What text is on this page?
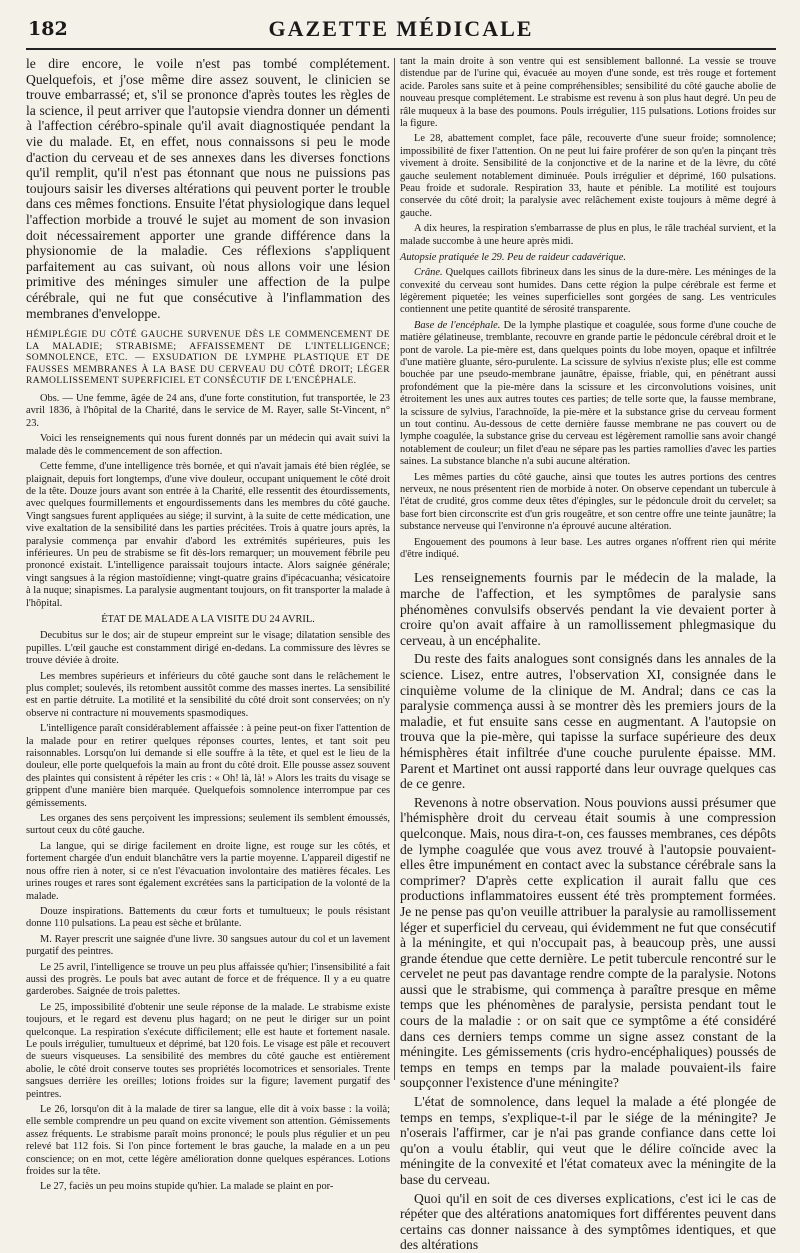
182	GAZETTE MÉDICALE

le dire encore, le voile n'est pas tombé complétement. Quelquefois, et j'ose même dire assez souvent, le clinicien se trouve embarrassé; et, s'il se prononce d'après toutes les règles de la science, il peut arriver que l'autopsie viendra donner un démenti à l'affection cérébro-spinale qu'il avait diagnostiquée pendant la vie du malade. Et, en effet, nous connaissons si peu le mode d'action du cerveau et de ses annexes dans les diverses fonctions qu'il remplit, qu'il n'est pas étonnant que nous ne puissions pas toujours saisir les diverses altérations qui peuvent porter le trouble dans ces mêmes fonctions. Ensuite l'état physiologique dans lequel l'affection morbide a trouvé le sujet au moment de son invasion doit nécessairement apporter une grande différence dans la physionomie de la maladie. Ces réflexions s'appliquent parfaitement au cas suivant, où nous allons voir une lésion primitive des méninges simuler une affection de la pulpe cérébrale, qui ne fut que consécutive à l'inflammation des membranes d'enveloppe.

HÉMIPLÉGIE DU CÔTÉ GAUCHE SURVENUE DÈS LE COMMENCEMENT DE LA MALADIE; STRABISME; AFFAISSEMENT DE L'INTELLIGENCE; SOMNOLENCE, ETC. — EXSUDATION DE LYMPHE PLASTIQUE ET DE FAUSSES MEMBRANES À LA BASE DU CERVEAU DU CÔTÉ DROIT; LÉGER RAMOLLISSEMENT SUPERFICIEL ET CONSÉCUTIF DE L'ENCÉPHALE.

Obs. — Une femme, âgée de 24 ans, d'une forte constitution, fut transportée, le 23 avril 1836, à l'hôpital de la Charité, dans le service de M. Rayer, salle St-Vincent, n° 23.

Voici les renseignements qui nous furent donnés par un médecin qui avait suivi la malade dès le commencement de son affection.

Cette femme, d'une intelligence très bornée, et qui n'avait jamais été bien réglée, se plaignait, depuis fort longtemps, d'une vive douleur, occupant uniquement le côté droit de la tête. Douze jours avant son entrée à la Charité, elle ressentit des étourdissements, avec quelques fourmillements et engourdissements dans les membres du côté gauche. Vingt sangsues furent appliquées au siége; il survint, à la suite de cette médication, une vive exaltation de la sensibilité dans les parties précitées. Trois à quatre jours après, la paralysie commença par envahir d'abord les extrémités supérieures, puis les inférieures. Un peu de strabisme se fit dès-lors remarquer; un mouvement fébrile peu prononcé existait. L'intelligence paraissait toujours intacte. Alors saignée générale; vingt sangsues à la région mastoïdienne; vingt-quatre grains d'ipécacuanha; vésicatoire à la nuque; sinapismes. La paralysie augmentant toujours, on fit transporter la malade à l'hôpital.

ÉTAT DE MALADE A LA VISITE DU 24 AVRIL.

Decubitus sur le dos; air de stupeur empreint sur le visage; dilatation sensible des pupilles. L'œil gauche est constamment dirigé en-dedans. La commissure des lèvres se trouve déviée à droite.

Les membres supérieurs et inférieurs du côté gauche sont dans le relâchement le plus complet; soulevés, ils retombent aussitôt comme des masses inertes. La sensibilité est en partie détruite. La motilité et la sensibilité du côté droit sont conservées; on n'y observe ni contracture ni mouvements spasmodiques.

L'intelligence paraît considérablement affaissée : à peine peut-on fixer l'attention de la malade pour en retirer quelques réponses courtes, lentes, et tant soit peu raisonnables. Lorsqu'on lui demande si elle souffre à la tête, et quel est le lieu de la douleur, elle porte quelquefois la main au front du côté droit. Elle pousse assez souvent des plaintes qui consistent à répéter les cris : « Oh! là, là! » Alors les traits du visage se grippent d'une manière bien marquée. Quelquefois somnolence interrompue par ces gémissements.

Les organes des sens perçoivent les impressions; seulement ils semblent émoussés, surtout ceux du côté gauche.

La langue, qui se dirige facilement en droite ligne, est rouge sur les côtés, et fortement chargée d'un enduit blanchâtre vers la partie moyenne. L'appareil digestif ne nous offre rien à noter, si ce n'est l'évacuation involontaire des matières fécales. Les urines rouges et rares sont également excrétées sans la participation de la volonté de la malade.

Douze inspirations. Battements du cœur forts et tumultueux; le pouls résistant donne 110 pulsations. La peau est sèche et brûlante.

M. Rayer prescrit une saignée d'une livre. 30 sangsues autour du col et un lavement purgatif des peintres.

Le 25 avril, l'intelligence se trouve un peu plus affaissée qu'hier; l'insensibilité a fait aussi des progrès. Le pouls bat avec autant de force et de fréquence. Il y a eu quatre garderobes. Saignée de trois palettes.

Le 25, impossibilité d'obtenir une seule réponse de la malade. Le strabisme existe toujours, et le regard est devenu plus hagard; on ne peut le diriger sur un point quelconque. La respiration s'exécute difficilement; elle est haute et fortement nasale. Le pouls irrégulier, tumultueux et déprimé, bat 120 fois. Le visage est pâle et recouvert de sueurs visqueuses. La sensibilité des membres du côté gauche est entièrement abolie, le côté droit conserve toutes ses propriétés locomotrices et sensoriales. Trente sangsues derrière les oreilles; lotions froides sur la figure; lavement purgatif des peintres.

Le 26, lorsqu'on dit à la malade de tirer sa langue, elle dit à voix basse : la voilà; elle semble comprendre un peu quand on excite vivement son attention. Gémissements assez fréquents. Le strabisme paraît moins prononcé; le pouls plus régulier et un peu relevé bat 112 fois. Si l'on pince fortement le bras gauche, la malade en a un peu conscience; on en mot, cette légère amélioration donne quelques espérances. Lotions froides sur la tête.

Le 27, faciès un peu moins stupide qu'hier. La malade se plaint en por-

tant la main droite à son ventre qui est sensiblement ballonné. La vessie se trouve distendue par de l'urine qui, évacuée au moyen d'une sonde, est très rouge et fortement acide. Paroles sans suite et à peine compréhensibles; sensibilité du côté gauche abolie de nouveau presque complétement. Le strabisme est revenu à son plus haut degré. Un peu de râle muqueux à la base des poumons. Pouls irrégulier, 115 pulsations. Lotions froides sur la figure.

Le 28, abattement complet, face pâle, recouverte d'une sueur froide; somnolence; impossibilité de fixer l'attention. On ne peut lui faire proférer de son qu'en la pinçant très vivement à droite. Sensibilité de la conjonctive et de la narine et de la lèvre, du côté gauche seulement notablement diminuée. Pouls irrégulier et déprimé, 160 pulsations. Peau froide et sudorale. Respiration 33, haute et pénible. La motilité est toujours conservée du côté droit; la paralysie avec relâchement existe toujours à même degré à gauche.

A dix heures, la respiration s'embarrasse de plus en plus, le râle trachéal survient, et la malade succombe à une heure après midi.

Autopsie pratiquée le 29. Peu de raideur cadavérique.

Crâne. Quelques caillots fibrineux dans les sinus de la dure-mère. Les méninges de la convexité du cerveau sont humides. Dans cette région la pulpe cérébrale est ferme et légèrement piquetée; les veines superficielles sont gorgées de sang. Les ventricules contiennent une petite quantité de sérosité transparente.

Base de l'encéphale. De la lymphe plastique et coagulée, sous forme d'une couche de matière gélatineuse, tremblante, recouvre en grande partie le pédoncule cérébral droit et le pont de varole. La pie-mère est, dans quelques points du lobe moyen, opaque et infiltrée d'une matière gluante, séro-purulente. La scissure de sylvius n'existe plus; elle est comme bouchée par une pseudo-membrane jaunâtre, épaisse, friable, qui, en pénétrant aussi profondément que la pie-mère dans la scissure et les circonvolutions voisines, unit étroitement les unes aux autres toutes ces parties; de telle sorte que, la fausse membrane, la scissure de sylvius, l'arachnoïde, la pie-mère et la substance grise du cerveau forment un tout continu. Au-dessous de cette dernière fausse membrane ne pas couvert ou de lymphe coagulée, la substance grise du cerveau est légèrement ramollie sans avoir changé notablement de couleur; un filet d'eau ne sépare pas les parties ramollies d'avec les parties saines. La substance blanche n'a subi aucune altération.

Les mêmes parties du côté gauche, ainsi que toutes les autres portions des centres nerveux, ne nous présentent rien de morbide à noter. On observe cependant un tubercule à l'état de crudité, gros comme deux têtes d'épingles, sur le pédoncule droit du cervelet; sa base fort bien circonscrite est d'un gris rougeâtre, et son centre offre une teinte jaunâtre; la substance nerveuse qui l'environne n'a éprouvé aucune altération.

Engouement des poumons à leur base. Les autres organes n'offrent rien qui mérite d'être indiqué.

Les renseignements fournis par le médecin de la malade, la marche de l'affection, et les symptômes de paralysie sans phénomènes convulsifs observés pendant la vie devaient porter à croire qu'on avait affaire à un ramollissement phlegmasique du cerveau, à un encéphalite.

Du reste des faits analogues sont consignés dans les annales de la science. Lisez, entre autres, l'observation XI, consignée dans le cinquième volume de la clinique de M. Andral; dans ce cas la paralysie commença aussi à se montrer dès les premiers jours de la maladie, et fut ensuite sans cesse en augmentant. A l'autopsie on trouva que la pie-mère, qui tapisse la surface supérieure des deux hémisphères était infiltrée d'une couche purulente épaisse. MM. Parent et Martinet ont aussi rapporté dans leur ouvrage quelques cas de ce genre.

Revenons à notre observation. Nous pouvions aussi présumer que l'hémisphère droit du cerveau était soumis à une compression quelconque. Mais, nous dira-t-on, ces fausses membranes, ces dépôts de lymphe coagulée que vous avez trouvé à l'autopsie pouvaient-elles être impunément en contact avec la substance cérébrale sans la comprimer? D'après cette explication il aurait fallu que ces productions inflammatoires eussent été très promptement formées. Je ne pense pas qu'on veuille attribuer la paralysie au ramollissement léger et superficiel du cerveau, qui évidemment ne fut que consécutif à la méningite, et qui n'occupait pas, à beaucoup près, une aussi grande étendue que cette dernière. Le petit tubercule rencontré sur le cervelet ne peut pas davantage rendre compte de la paralysie. Notons aussi que le strabisme, qui commença à paraître presque en même temps que les phénomènes de paralysie, persista pendant tout le cours de la maladie : or on sait que ce symptôme a été considéré dans ces derniers temps comme un signe assez constant de la méningite. Les gémissements (cris hydro-encéphaliques) poussés de temps en temps en temps par la malade pouvaient-ils faire soupçonner l'existence d'une méningite?

L'état de somnolence, dans lequel la malade a été plongée de temps en temps, s'explique-t-il par le siége de la méningite? Je n'oserais l'affirmer, car je n'ai pas grande confiance dans cette loi qu'on a voulu établir, qui veut que le délire coïncide avec la méningite de la convexité et l'état comateux avec la méningite de la base du cerveau.

Quoi qu'il en soit de ces diverses explications, c'est ici le cas de répéter que des altérations anatomiques fort différentes peuvent dans certains cas donner naissance à des symptômes identiques, et que des altérations
